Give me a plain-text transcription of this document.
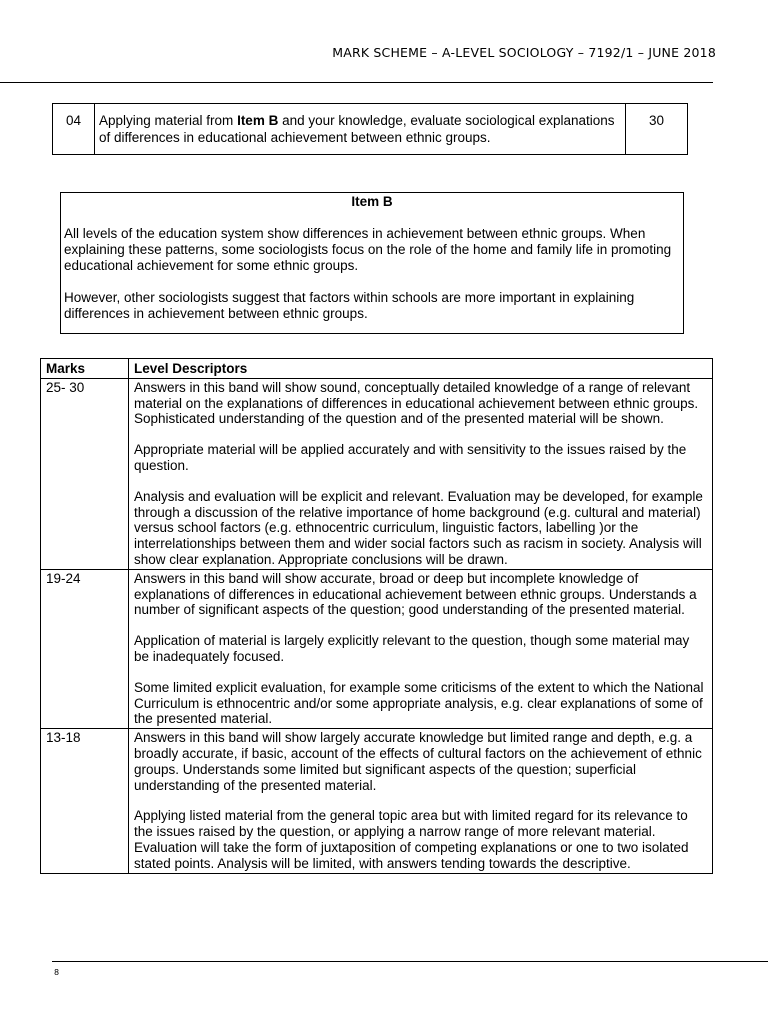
MARK SCHEME – A-LEVEL SOCIOLOGY – 7192/1 – JUNE 2018
04	Applying material from Item B and your knowledge, evaluate sociological explanations of differences in educational achievement between ethnic groups.	30
Item B

All levels of the education system show differences in achievement between ethnic groups. When explaining these patterns, some sociologists focus on the role of the home and family life in promoting educational achievement for some ethnic groups.

However, other sociologists suggest that factors within schools are more important in explaining differences in achievement between ethnic groups.

Marks	Level Descriptors
25- 30	Answers in this band will show sound, conceptually detailed knowledge of a range of relevant material on the explanations of differences in educational achievement between ethnic groups. Sophisticated understanding of the question and of the presented material will be shown.

Appropriate material will be applied accurately and with sensitivity to the issues raised by the question.

Analysis and evaluation will be explicit and relevant. Evaluation may be developed, for example through a discussion of the relative importance of home background (e.g. cultural and material) versus school factors (e.g. ethnocentric curriculum, linguistic factors, labelling )or the interrelationships between them and wider social factors such as racism in society. Analysis will show clear explanation. Appropriate conclusions will be drawn.

19-24	Answers in this band will show accurate, broad or deep but incomplete knowledge of explanations of differences in educational achievement between ethnic groups. Understands a number of significant aspects of the question; good understanding of the presented material.

Application of material is largely explicitly relevant to the question, though some material may be inadequately focused.

Some limited explicit evaluation, for example some criticisms of the extent to which the National Curriculum is ethnocentric and/or some appropriate analysis, e.g. clear explanations of some of the presented material.

13-18	Answers in this band will show largely accurate knowledge but limited range and depth, e.g. a broadly accurate, if basic, account of the effects of cultural factors on the achievement of ethnic groups. Understands some limited but significant aspects of the question; superficial understanding of the presented material.

Applying listed material from the general topic area but with limited regard for its relevance to the issues raised by the question, or applying a narrow range of more relevant material. Evaluation will take the form of juxtaposition of competing explanations or one to two isolated stated points. Analysis will be limited, with answers tending towards the descriptive.

8
